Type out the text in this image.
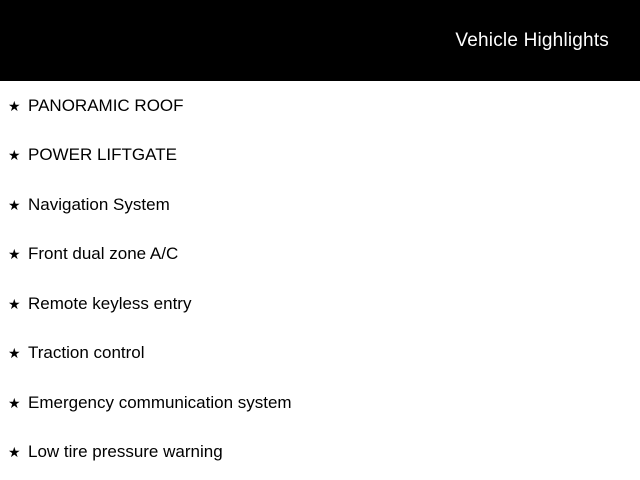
Vehicle Highlights
★ PANORAMIC ROOF
★ POWER LIFTGATE
★ Navigation System
★ Front dual zone A/C
★ Remote keyless entry
★ Traction control
★ Emergency communication system
★ Low tire pressure warning
